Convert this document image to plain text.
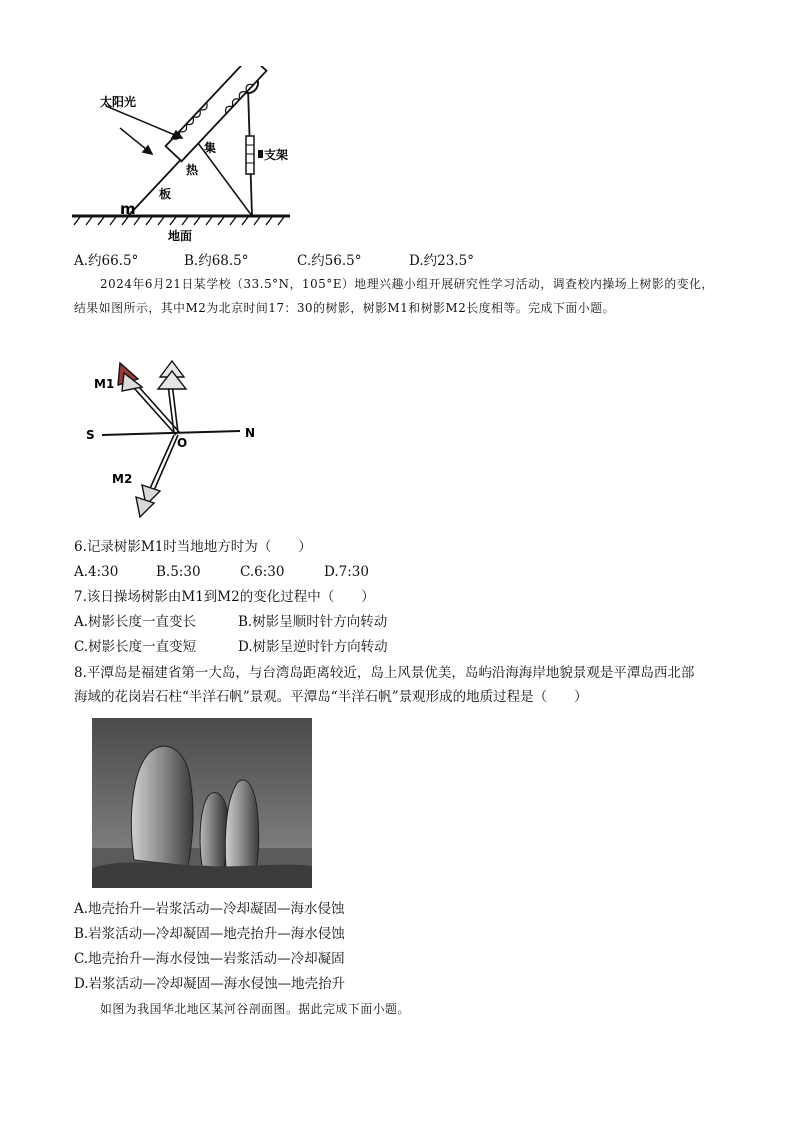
太阳光
集
热
板
支架
m
地面
A.约66.5°	B.约68.5°	C.约56.5°	D.约23.5°
2024年6月21日某学校（33.5°N，105°E）地理兴趣小组开展研究性学习活动，调查校内操场上树影的变化，结果如图所示，其中M2为北京时间17：30的树影，树影M1和树影M2长度相等。完成下面小题。
M1
M2
S
O
N
6.记录树影M1时当地地方时为（　　）
A.4:30	B.5:30	C.6:30	D.7:30
7.该日操场树影由M1到M2的变化过程中（　　）
A.树影长度一直变长	B.树影呈顺时针方向转动
C.树影长度一直变短	D.树影呈逆时针方向转动
8.平潭岛是福建省第一大岛，与台湾岛距离较近，岛上风景优美，岛屿沿海海岸地貌景观是平潭岛西北部
海域的花岗岩石柱“半洋石帆”景观。平潭岛“半洋石帆”景观形成的地质过程是（　　）
A.地壳抬升—岩浆活动—冷却凝固—海水侵蚀
B.岩浆活动—冷却凝固—地壳抬升—海水侵蚀
C.地壳抬升—海水侵蚀—岩浆活动—冷却凝固
D.岩浆活动—冷却凝固—海水侵蚀—地壳抬升
如图为我国华北地区某河谷剖面图。据此完成下面小题。
